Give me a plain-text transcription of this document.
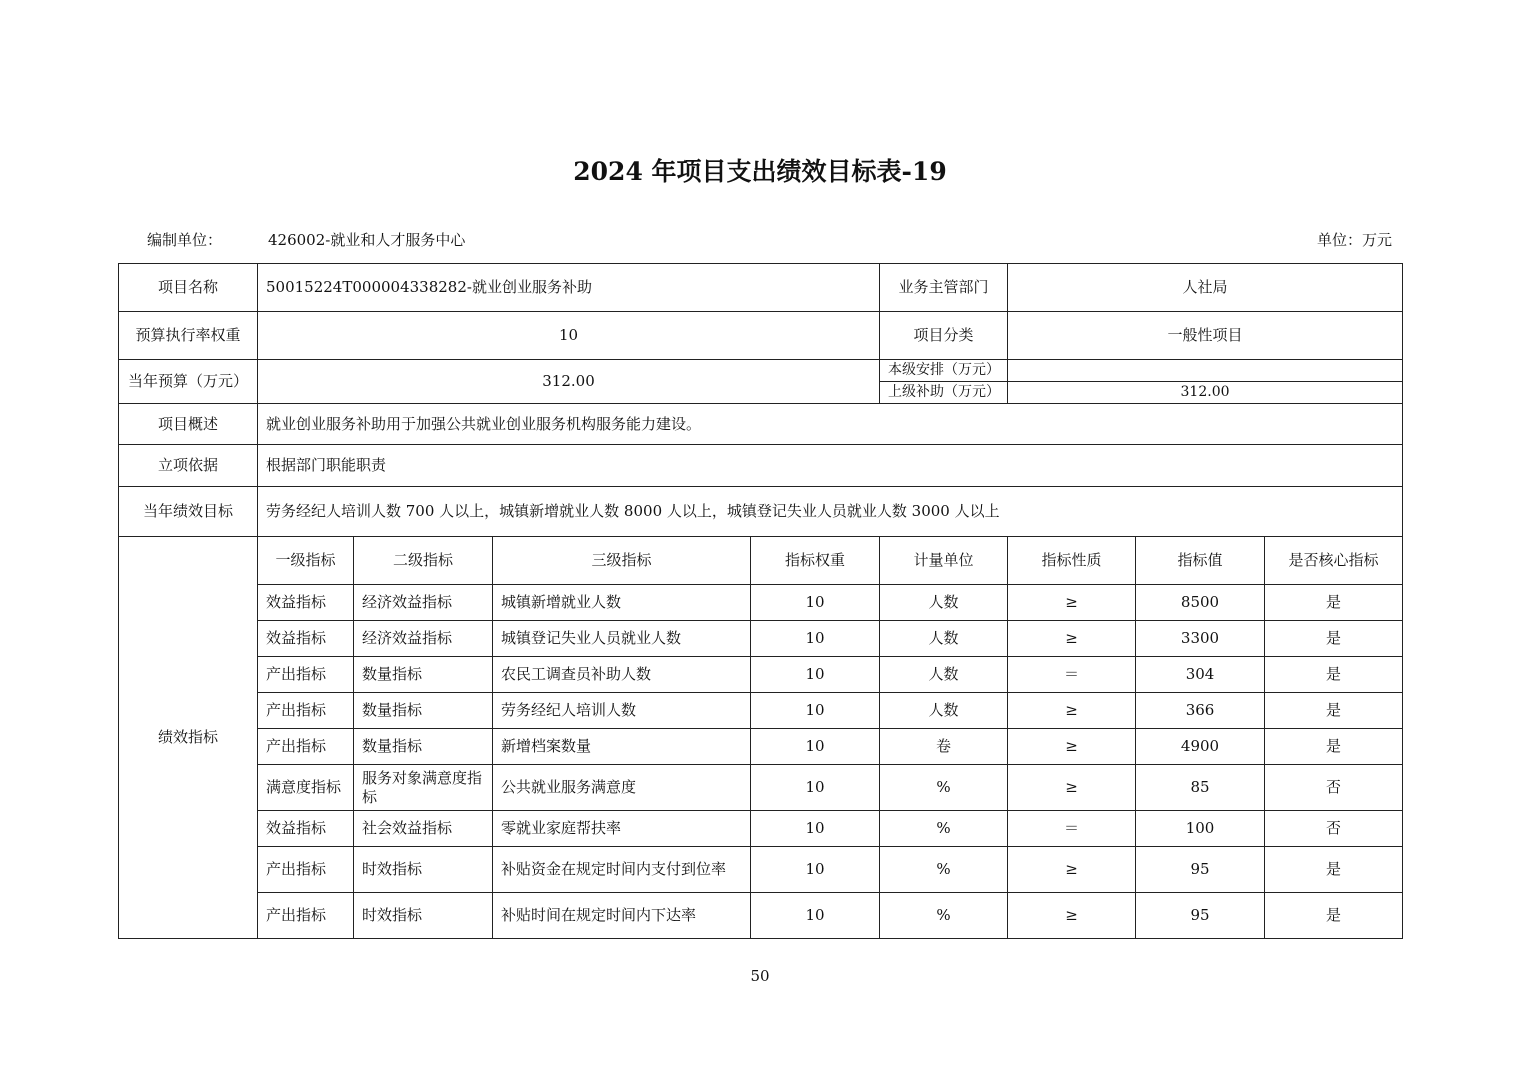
2024 年项目支出绩效目标表-19
编制单位：	426002-就业和人才服务中心	单位：万元
项目名称	50015224T000004338282-就业创业服务补助				业务主管部门	人社局		
预算执行率权重	10				项目分类	一般性项目		
当年预算（万元）	312.00				本级安排（万元）			
					上级补助（万元）	312.00		
项目概述	就业创业服务补助用于加强公共就业创业服务机构服务能力建设。							
立项依据	根据部门职能职责							
当年绩效目标	劳务经纪人培训人数 700 人以上，城镇新增就业人数 8000 人以上，城镇登记失业人员就业人数 3000 人以上							
绩效指标	一级指标	二级指标	三级指标	指标权重	计量单位	指标性质	指标值	是否核心指标
	效益指标	经济效益指标	城镇新增就业人数	10	人数	≥	8500	是
	效益指标	经济效益指标	城镇登记失业人员就业人数	10	人数	≥	3300	是
	产出指标	数量指标	农民工调查员补助人数	10	人数	＝	304	是
	产出指标	数量指标	劳务经纪人培训人数	10	人数	≥	366	是
	产出指标	数量指标	新增档案数量	10	卷	≥	4900	是
	满意度指标	服务对象满意度指标	公共就业服务满意度	10	%	≥	85	否
	效益指标	社会效益指标	零就业家庭帮扶率	10	%	＝	100	否
	产出指标	时效指标	补贴资金在规定时间内支付到位率	10	%	≥	95	是
	产出指标	时效指标	补贴时间在规定时间内下达率	10	%	≥	95	是
50
